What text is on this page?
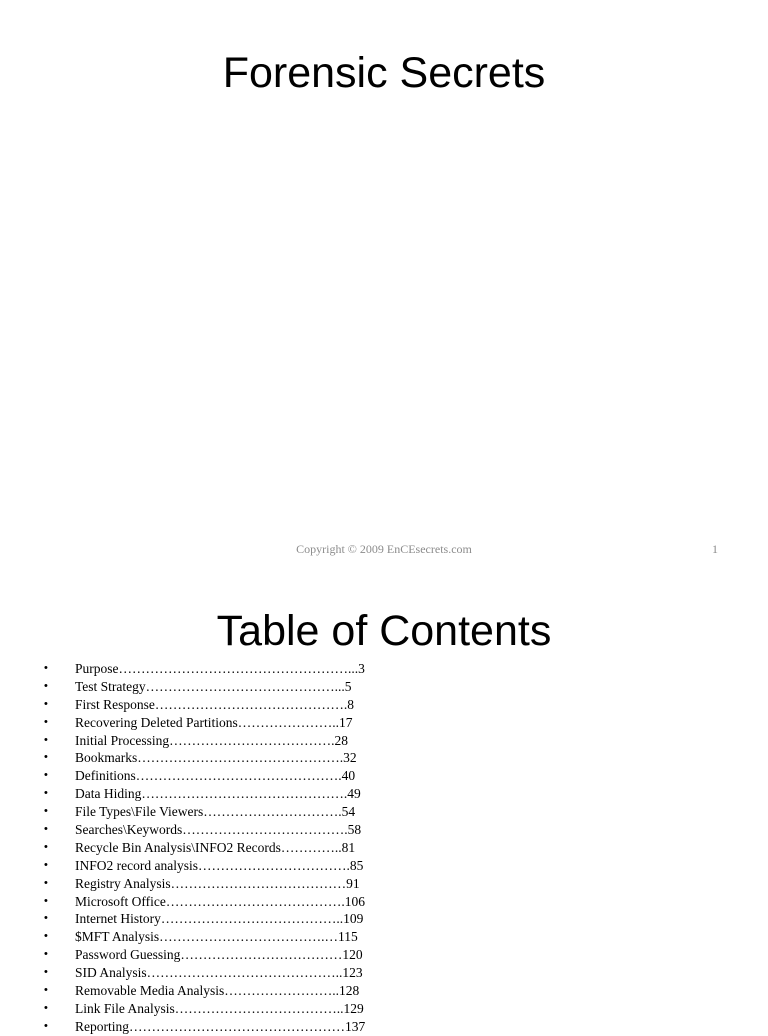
Forensic Secrets
Copyright © 2009 EnCEsecrets.com	1
Table of Contents
• Purpose……………………………………………...3
• Test Strategy……………………………………...5
• First Response…………………………………….8
• Recovering Deleted Partitions…………………..17
• Initial Processing……………………………….28
• Bookmarks……………………………………….32
• Definitions……………………………………….40
• Data Hiding……………………………………….49
• File Types\File Viewers………………………….54
• Searches\Keywords……………………………….58
• Recycle Bin Analysis\INFO2 Records…………..81
• INFO2 record analysis…………………………….85
• Registry Analysis…………………………………91
• Microsoft Office………………………………….106
• Internet History…………………………………..109
• $MFT Analysis……………………………….…115
• Password Guessing………………………………120
• SID Analysis……………………………………..123
• Removable Media Analysis……………………..128
• Link File Analysis………………………………..129
• Reporting…………………………………………137
